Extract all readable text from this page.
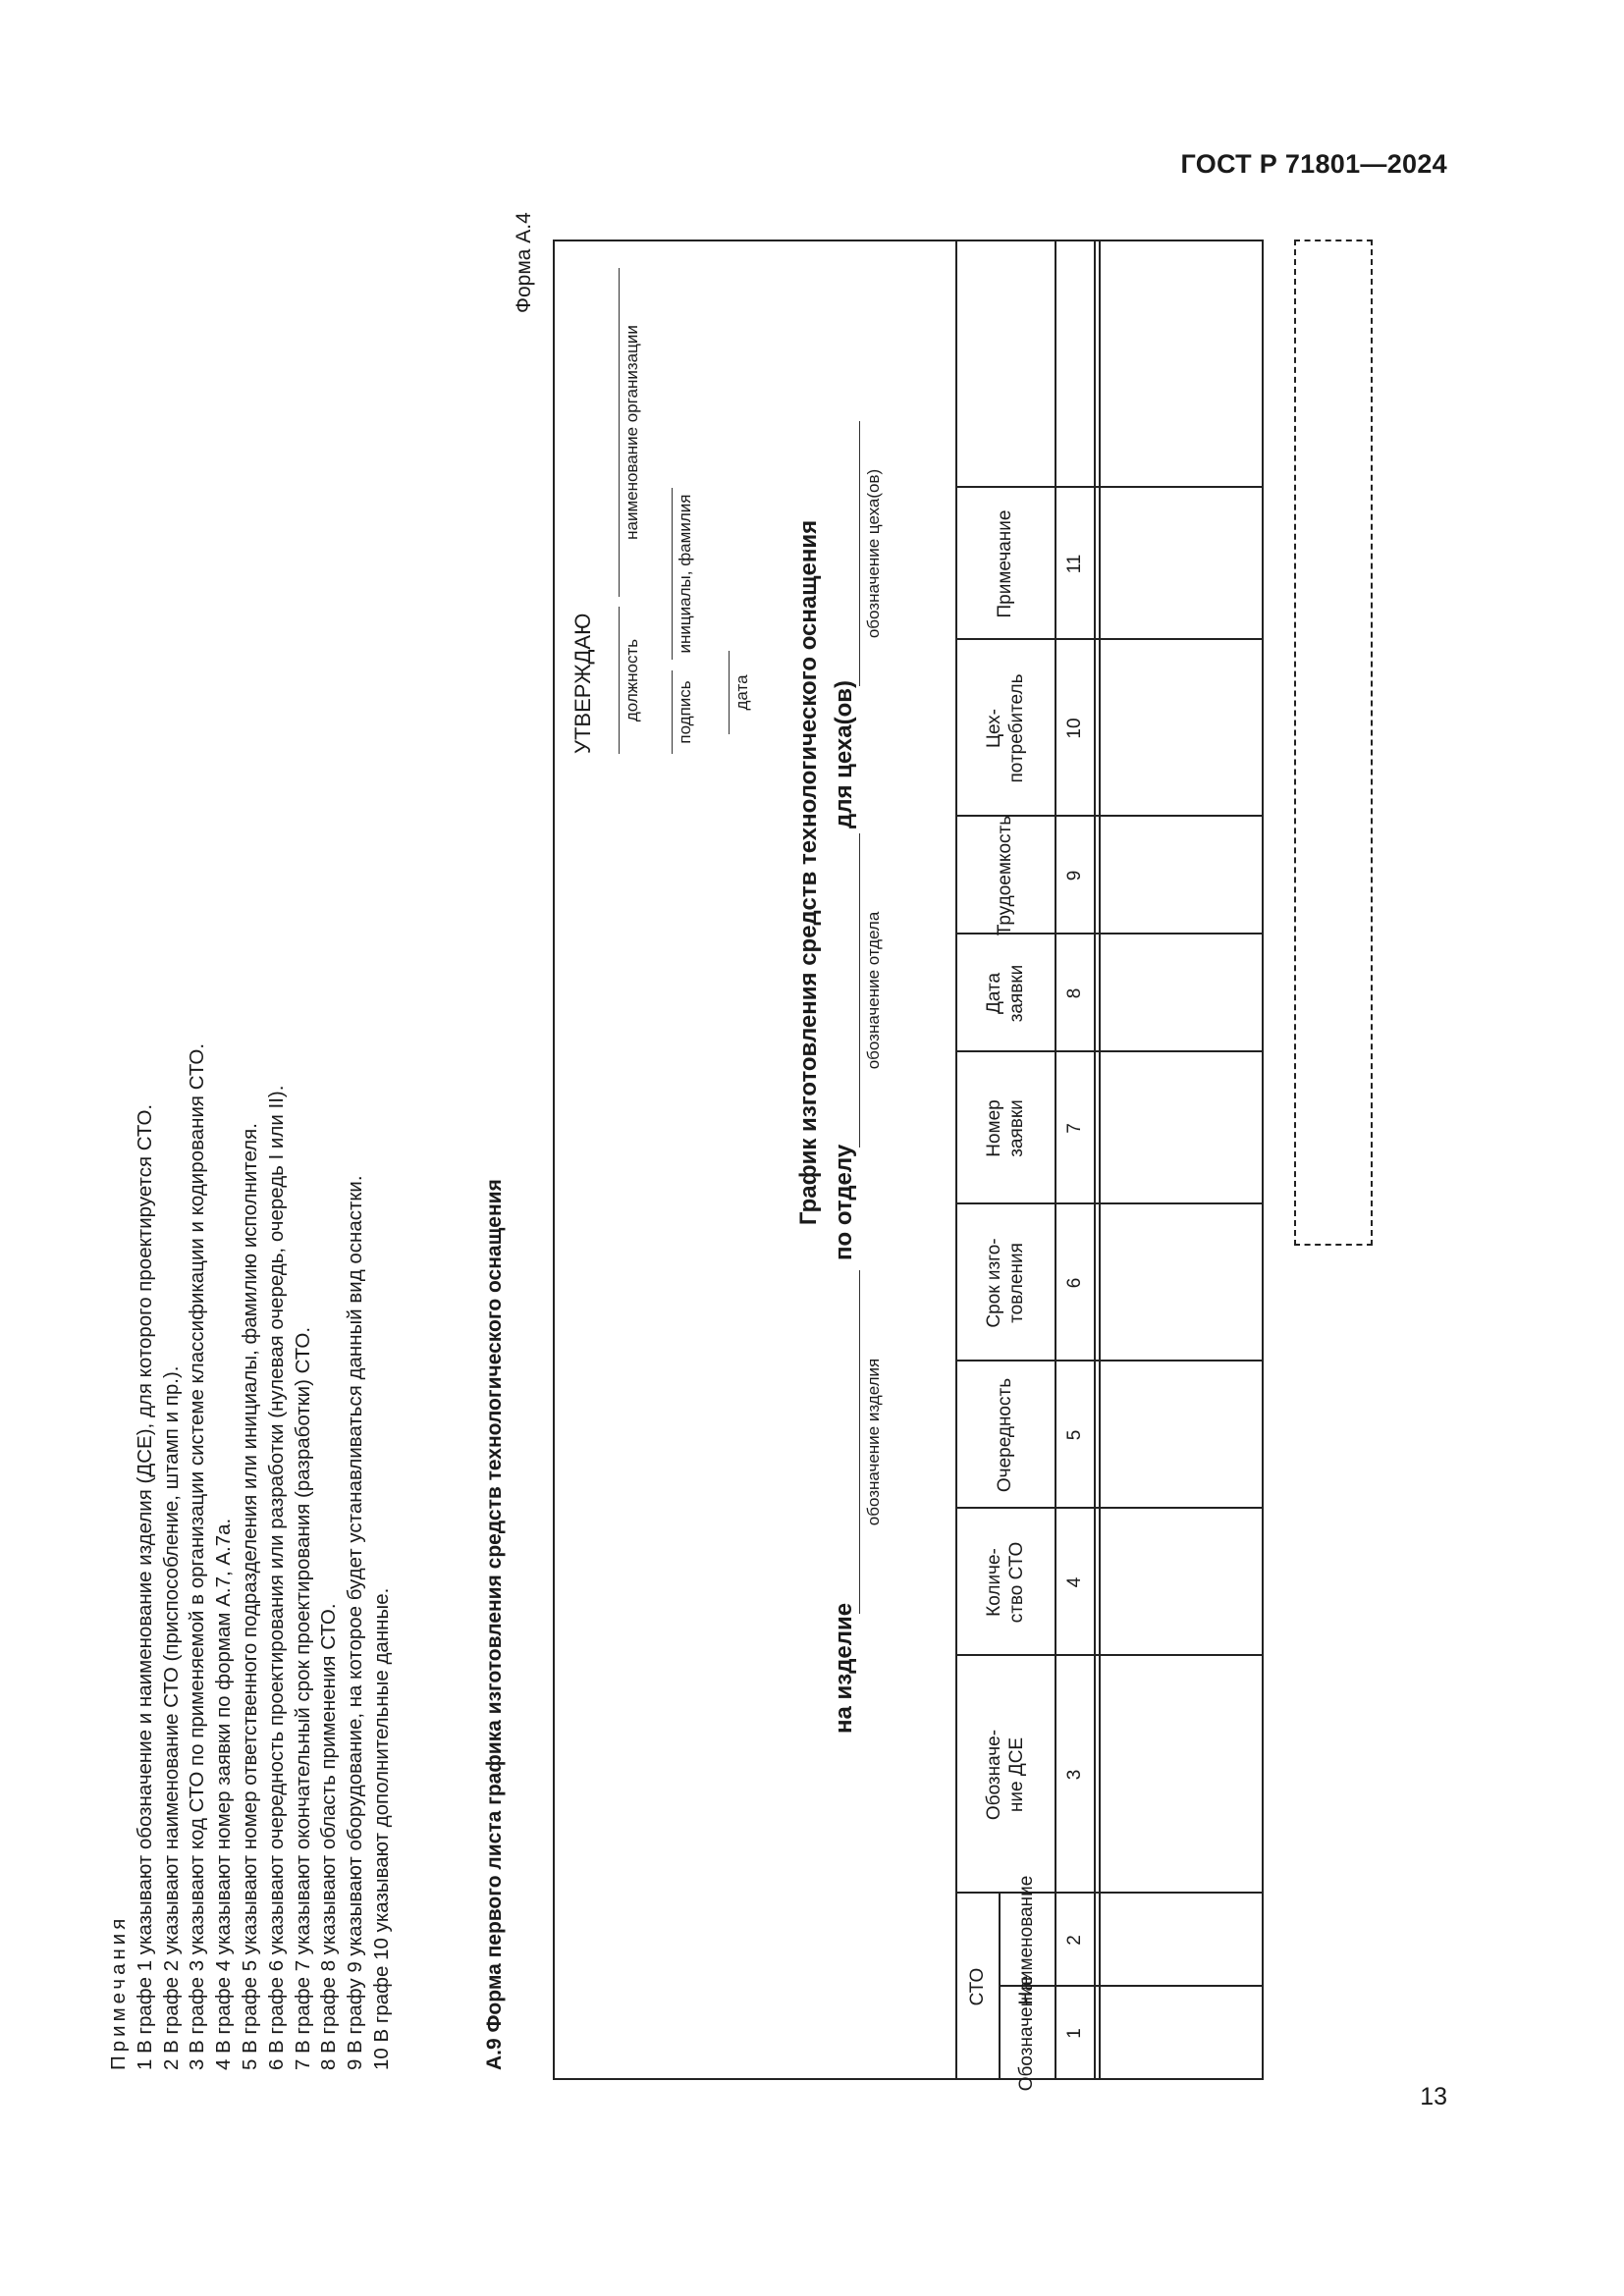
ГОСТ Р 71801—2024
13
Примечания 1 В графе 1 указывают обозначение и наименование изделия (ДСЕ), для которого проектируется СТО. 2 В графе 2 указывают наименование СТО (приспособление, штамп и пр.). 3 В графе 3 указывают код СТО по применяемой в организации системе классификации и кодирования СТО. 4 В графе 4 указывают номер заявки по формам А.7, А.7а. 5 В графе 5 указывают номер ответственного подразделения или инициалы, фамилию исполнителя. 6 В графе 6 указывают очередность проектирования или разработки (нулевая очередь, очередь I или II). 7 В графе 7 указывают окончательный срок проектирования (разработки) СТО. 8 В графе 8 указывают область применения СТО. 9 В графу 9 указывают оборудование, на которое будет устанавливаться данный вид оснастки. 10 В графе 10 указывают дополнительные данные.	А.9 Форма первого листа графика изготовления средств технологического оснащения
Форма А.4
УТВЕРЖДАЮ должность
наименование организации
подпись
инициалы, фамилия
дата График изготовления средств технологического оснащения
на изделие
обозначение изделия
по отделу
обозначение отдела
для цеха(ов)
обозначение цеха(ов)
СТО	Обозначение
Наименование
Обозначе-
ние ДСЕ
Количе-
ство СТО
Очередность
Срок изго-
товления
Номер
заявки
Дата
заявки
Трудоемкость
Цех-
потребитель
Примечание
1
2
3
4
5
6
7
8
9
10
11
